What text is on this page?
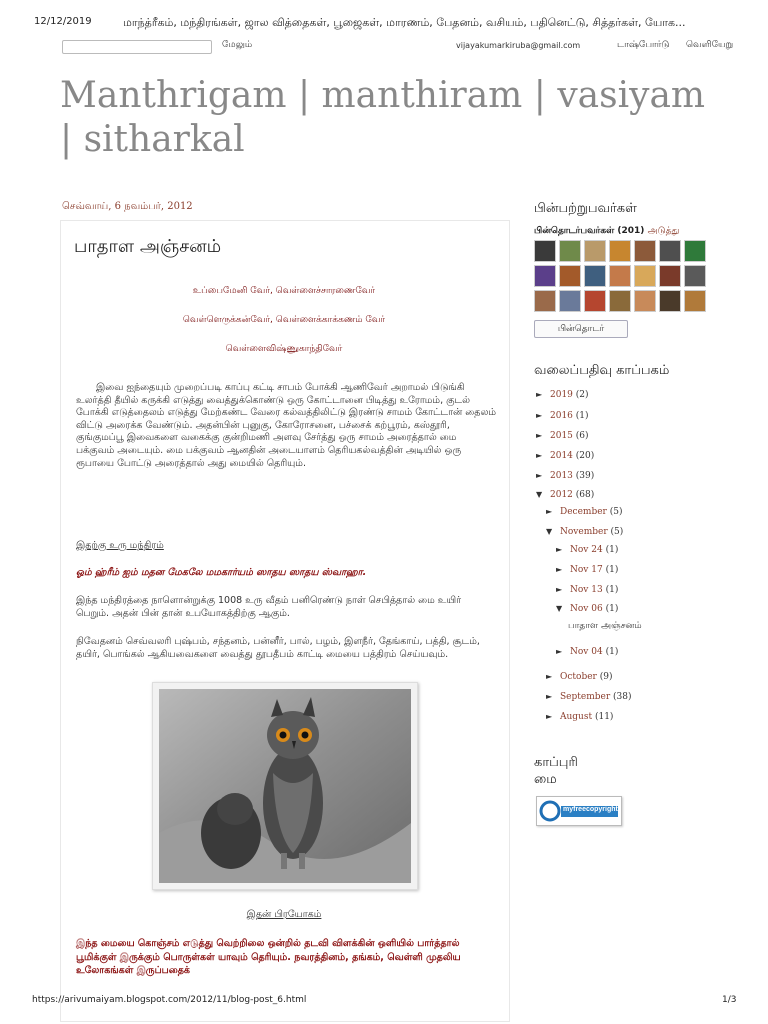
12/12/2019	மாந்த்ரீகம், மந்திரங்கள், ஜால வித்தைகள், பூஜைகள், மாரணம், பேதனம், வசியம், பதினெட்டு, சித்தர்கள், யோக...
மேலும்	vijayakumarkiruba@gmail.com	டாஷ்போர்டு வெளியேறு
Manthrigam | manthiram | vasiyam | sitharkal
செவ்வாய், 6 நவம்பர், 2012
பாதாள அஞ்சனம்
உப்பைமேனி வேர், வெள்ளைச்சாரணைவேர்
வெள்ளெருக்கன்வேர், வெள்ளைக்காக்கணம் வேர்
வெள்ளைவிஷ்ணுகாந்திவேர்
இவை ஐந்தையும் முறைப்படி காப்பு கட்டி சாபம் போக்கி ஆணிவேர் அறாமல் பிடுங்கி உலர்த்தி தீயில் கருக்கி எடுத்து வைத்துக்கொண்டு ஒரு கோட்டானை பிடித்து உரோமம், குடல் போக்கி எடுத்தைலம் எடுத்து மேற்கண்ட வேரை கல்வத்திலிட்டு இரண்டு சாமம் கோட்டான் தைலம் விட்டு அரைக்க வேண்டும். அதன்பின் புனுகு, கோரோசனை, பச்சைக் கற்பூரம், கஸ்தூரி, குங்குமப்பூ இவைகளை வகைக்கு குன்றிமணி அளவு சேர்த்து ஒரு சாமம் அரைத்தால் மை பக்குவம் அடையும். மை பக்குவம் ஆனதின் அடையாளம் தெரியகல்வத்தின் அடியில் ஒரு ரூபாயை போட்டு அரைத்தால் அது மையில் தெரியும்.
இதற்கு உரு மந்திரம்
ஓம் ஹ்ரீம் ஐம் மதன மேகலே மமகார்யம் ஸாதய ஸாதய ஸ்வாஹா.
இந்த மந்திரத்தை நாளொன்றுக்கு 1008 உரு வீதம் பனிரெண்டு நாள் செபித்தால் மை உயிர் பெறும். அதன் பின் தான் உபயோகத்திற்கு ஆகும்.
நிவேதனம் செவ்வலரி புஷ்பம், சந்தனம், பன்னீர், பால், பழம், இளநீர், தேங்காய், பத்தி, சூடம், தயிர், பொங்கல் ஆகியவைகளை வைத்து தூபதீபம் காட்டி மையை பத்திரம் செய்யவும்.
இதன் பிரயோகம்
இந்த மையை கொஞ்சம் எடுத்து வெற்றிலை ஒன்றில் தடவி விளக்கின் ஒளியில் பார்த்தால் பூமிக்குள் இருக்கும் பொருள்கள் யாவும் தெரியும். நவரத்தினம், தங்கம், வெள்ளி முதலிய உலோகங்கள் இருப்பதைக்
பின்பற்றுபவர்கள்
பின்தொடர்பவர்கள் (201) அடுத்து
பின்தொடர்
வலைப்பதிவு காப்பகம்
► 2019 (2)
► 2016 (1)
► 2015 (6)
► 2014 (20)
► 2013 (39)
▼ 2012 (68)
► December (5)
▼ November (5)
► Nov 24 (1)
► Nov 17 (1)
► Nov 13 (1)
▼ Nov 06 (1)
பாதாள அஞ்சனம்
► Nov 04 (1)
► October (9)
► September (38)
► August (11)
காப்புரி
மை
myfreecopyright
https://arivumaiyam.blogspot.com/2012/11/blog-post_6.html	1/3
